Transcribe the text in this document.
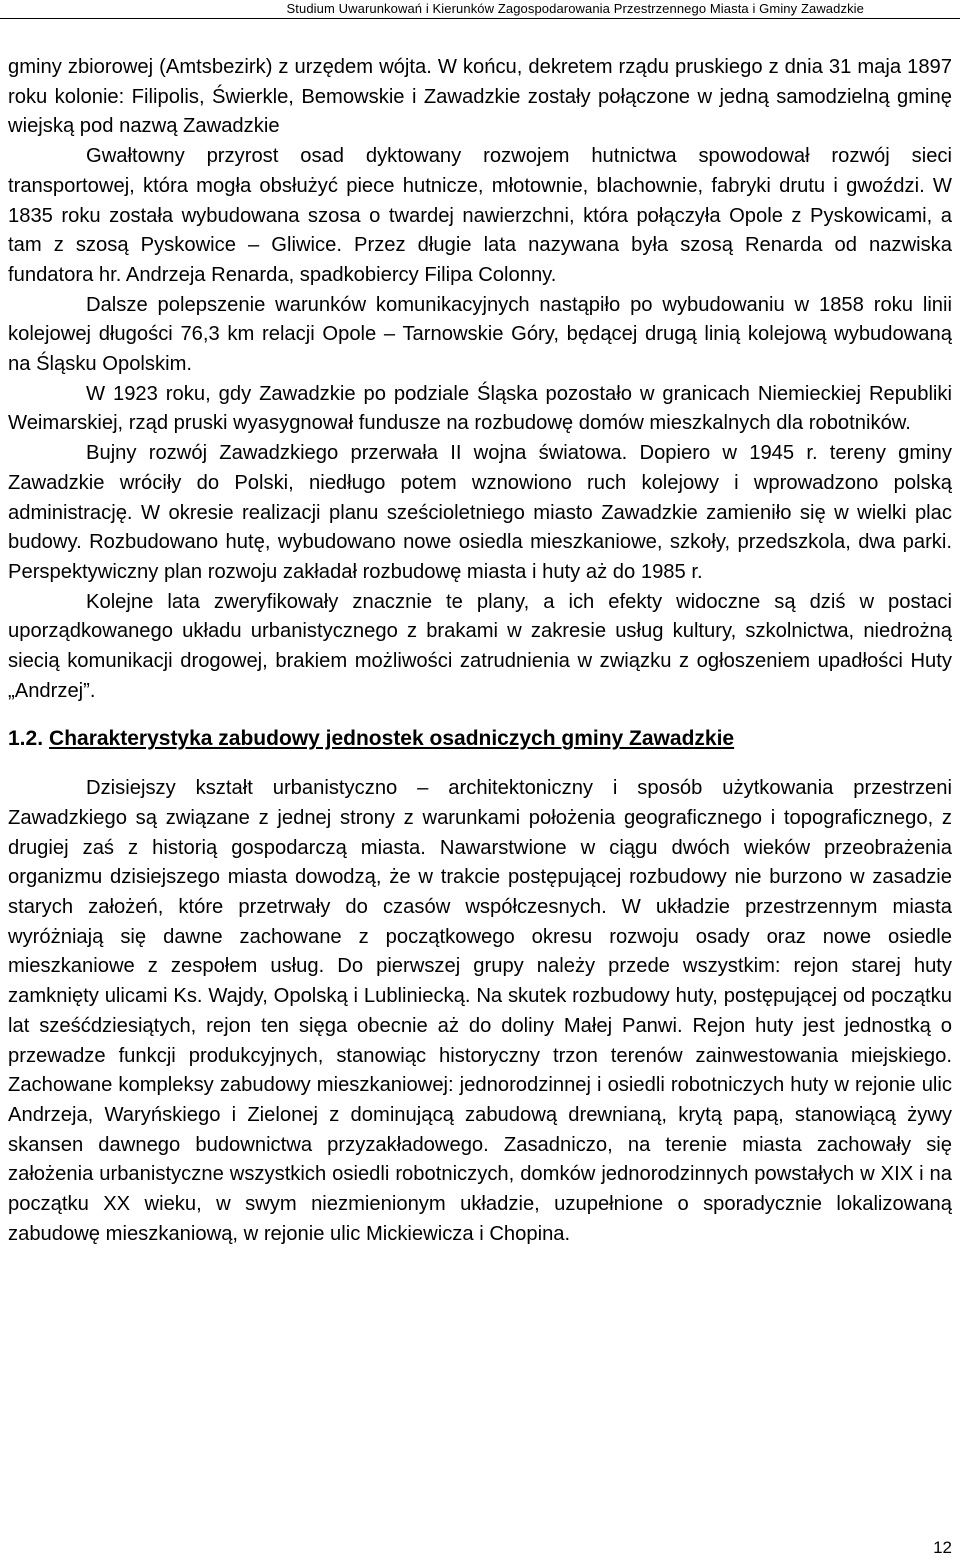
Studium Uwarunkowań i Kierunków Zagospodarowania Przestrzennego Miasta i Gminy Zawadzkie

gminy zbiorowej (Amtsbezirk) z urzędem wójta. W końcu, dekretem rządu pruskiego z dnia 31 maja 1897 roku kolonie: Filipolis, Świerkle, Bemowskie i Zawadzkie zostały połączone w jedną samodzielną gminę wiejską pod nazwą Zawadzkie

Gwałtowny przyrost osad dyktowany rozwojem hutnictwa spowodował rozwój sieci transportowej, która mogła obsłużyć piece hutnicze, młotownie, blachownie, fabryki drutu i gwoździ. W 1835 roku została wybudowana szosa o twardej nawierzchni, która połączyła Opole z Pyskowicami, a tam z szosą Pyskowice – Gliwice. Przez długie lata nazywana była szosą Renarda od nazwiska fundatora hr. Andrzeja Renarda, spadkobiercy Filipa Colonny.

Dalsze polepszenie warunków komunikacyjnych nastąpiło po wybudowaniu w 1858 roku linii kolejowej długości 76,3 km relacji Opole – Tarnowskie Góry, będącej drugą linią kolejową wybudowaną na Śląsku Opolskim.

W 1923 roku, gdy Zawadzkie po podziale Śląska pozostało w granicach Niemieckiej Republiki Weimarskiej, rząd pruski wyasygnował fundusze na rozbudowę domów mieszkalnych dla robotników.

Bujny rozwój Zawadzkiego przerwała II wojna światowa. Dopiero w 1945 r. tereny gminy Zawadzkie wróciły do Polski, niedługo potem wznowiono ruch kolejowy i wprowadzono polską administrację. W okresie realizacji planu sześcioletniego miasto Zawadzkie zamieniło się w wielki plac budowy. Rozbudowano hutę, wybudowano nowe osiedla mieszkaniowe, szkoły, przedszkola, dwa parki. Perspektywiczny plan rozwoju zakładał rozbudowę miasta i huty aż do 1985 r.

Kolejne lata zweryfikowały znacznie te plany, a ich efekty widoczne są dziś w postaci uporządkowanego układu urbanistycznego z brakami w zakresie usług kultury, szkolnictwa, niedrożną siecią komunikacji drogowej, brakiem możliwości zatrudnienia w związku z ogłoszeniem upadłości Huty „Andrzej”.

1.2. Charakterystyka zabudowy jednostek osadniczych gminy Zawadzkie

Dzisiejszy kształt urbanistyczno – architektoniczny i sposób użytkowania przestrzeni Zawadzkiego są związane z jednej strony z warunkami położenia geograficznego i topograficznego, z drugiej zaś z historią gospodarczą miasta. Nawarstwione w ciągu dwóch wieków przeobrażenia organizmu dzisiejszego miasta dowodzą, że w trakcie postępującej rozbudowy nie burzono w zasadzie starych założeń, które przetrwały do czasów współczesnych. W układzie przestrzennym miasta wyróżniają się dawne zachowane z początkowego okresu rozwoju osady oraz nowe osiedle mieszkaniowe z zespołem usług. Do pierwszej grupy należy przede wszystkim: rejon starej huty zamknięty ulicami Ks. Wajdy, Opolską i Lubliniecką. Na skutek rozbudowy huty, postępującej od początku lat sześćdziesiątych, rejon ten sięga obecnie aż do doliny Małej Panwi. Rejon huty jest jednostką o przewadze funkcji produkcyjnych, stanowiąc historyczny trzon terenów zainwestowania miejskiego. Zachowane kompleksy zabudowy mieszkaniowej: jednorodzinnej i osiedli robotniczych huty w rejonie ulic Andrzeja, Waryńskiego i Zielonej z dominującą zabudową drewnianą, krytą papą, stanowiącą żywy skansen dawnego budownictwa przyzakładowego. Zasadniczo, na terenie miasta zachowały się założenia urbanistyczne wszystkich osiedli robotniczych, domków jednorodzinnych powstałych w XIX i na początku XX wieku, w swym niezmienionym układzie, uzupełnione o sporadycznie lokalizowaną zabudowę mieszkaniową, w rejonie ulic Mickiewicza i Chopina.

12
